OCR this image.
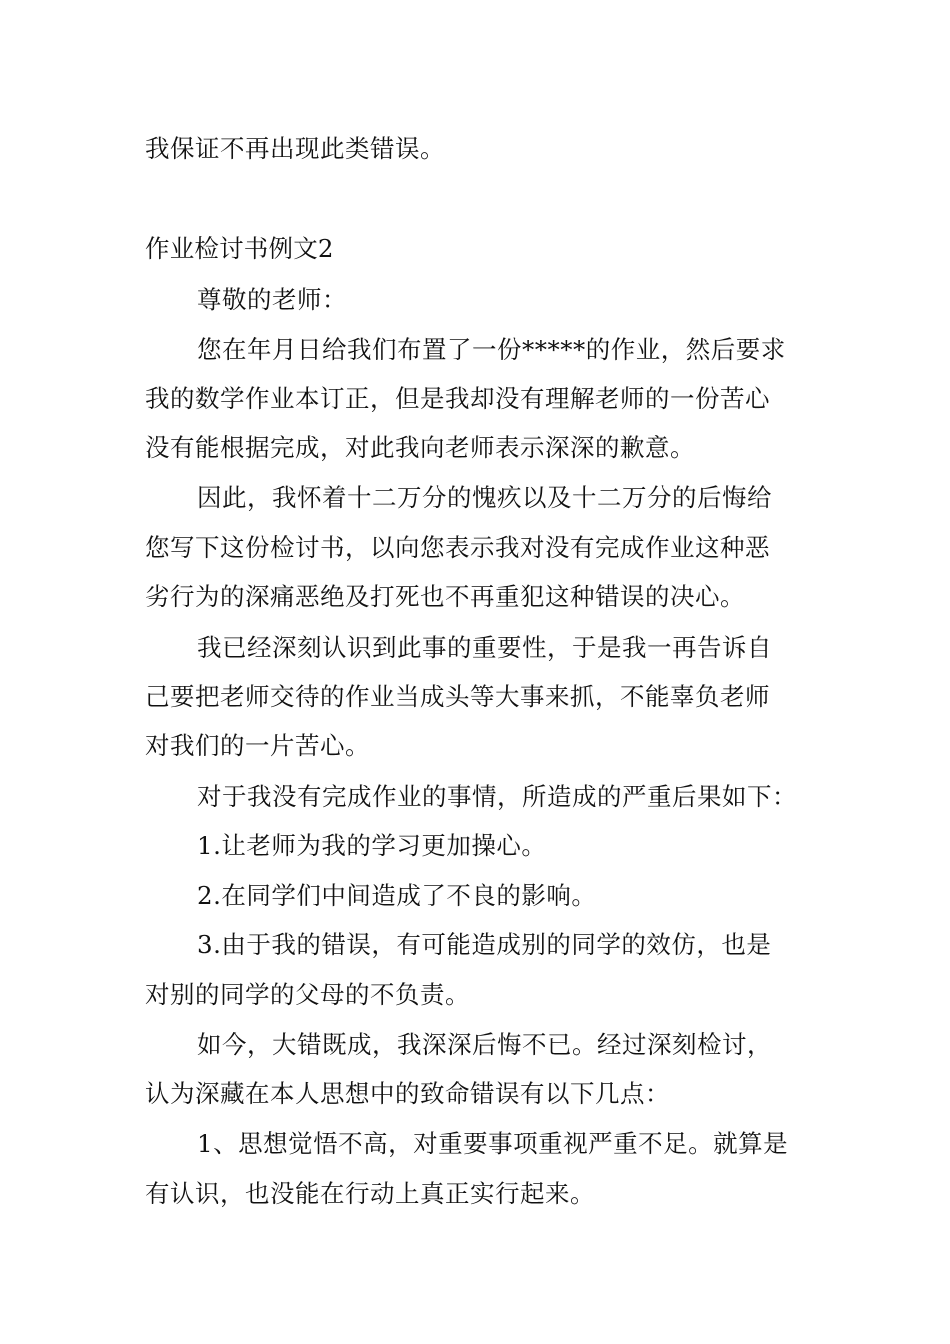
我保证不再出现此类错误。
作业检讨书例文2
尊敬的老师：
您在年月日给我们布置了一份*****的作业，然后要求
我的数学作业本订正，但是我却没有理解老师的一份苦心
没有能根据完成，对此我向老师表示深深的歉意。
因此，我怀着十二万分的愧疚以及十二万分的后悔给
您写下这份检讨书，以向您表示我对没有完成作业这种恶
劣行为的深痛恶绝及打死也不再重犯这种错误的决心。
我已经深刻认识到此事的重要性，于是我一再告诉自
己要把老师交待的作业当成头等大事来抓，不能辜负老师
对我们的一片苦心。
对于我没有完成作业的事情，所造成的严重后果如下：
1.让老师为我的学习更加操心。
2.在同学们中间造成了不良的影响。
3.由于我的错误，有可能造成别的同学的效仿，也是
对别的同学的父母的不负责。
如今，大错既成，我深深后悔不已。经过深刻检讨，
认为深藏在本人思想中的致命错误有以下几点：
1、思想觉悟不高，对重要事项重视严重不足。就算是
有认识，也没能在行动上真正实行起来。
